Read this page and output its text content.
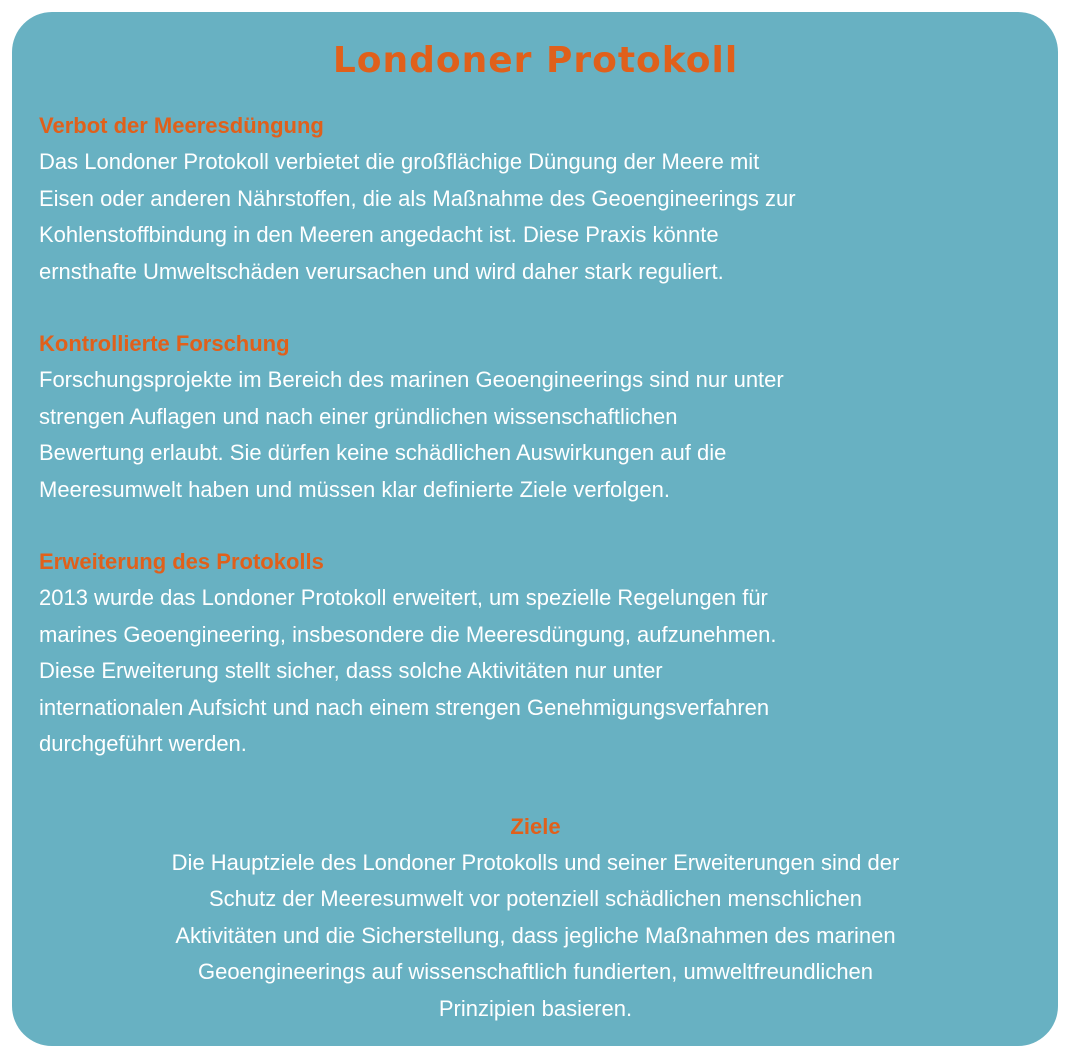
Londoner Protokoll
Verbot der Meeresdüngung

Das Londoner Protokoll verbietet die großflächige Düngung der Meere mit
Eisen oder anderen Nährstoffen, die als Maßnahme des Geoengineerings zur
Kohlenstoffbindung in den Meeren angedacht ist. Diese Praxis könnte
ernsthafte Umweltschäden verursachen und wird daher stark reguliert.

Kontrollierte Forschung

Forschungsprojekte im Bereich des marinen Geoengineerings sind nur unter
strengen Auflagen und nach einer gründlichen wissenschaftlichen
Bewertung erlaubt. Sie dürfen keine schädlichen Auswirkungen auf die
Meeresumwelt haben und müssen klar definierte Ziele verfolgen.

Erweiterung des Protokolls

2013 wurde das Londoner Protokoll erweitert, um spezielle Regelungen für
marines Geoengineering, insbesondere die Meeresdüngung, aufzunehmen.
Diese Erweiterung stellt sicher, dass solche Aktivitäten nur unter
internationalen Aufsicht und nach einem strengen Genehmigungsverfahren
durchgeführt werden.

Ziele

Die Hauptziele des Londoner Protokolls und seiner Erweiterungen sind der
Schutz der Meeresumwelt vor potenziell schädlichen menschlichen
Aktivitäten und die Sicherstellung, dass jegliche Maßnahmen des marinen
Geoengineerings auf wissenschaftlich fundierten, umweltfreundlichen
Prinzipien basieren.
